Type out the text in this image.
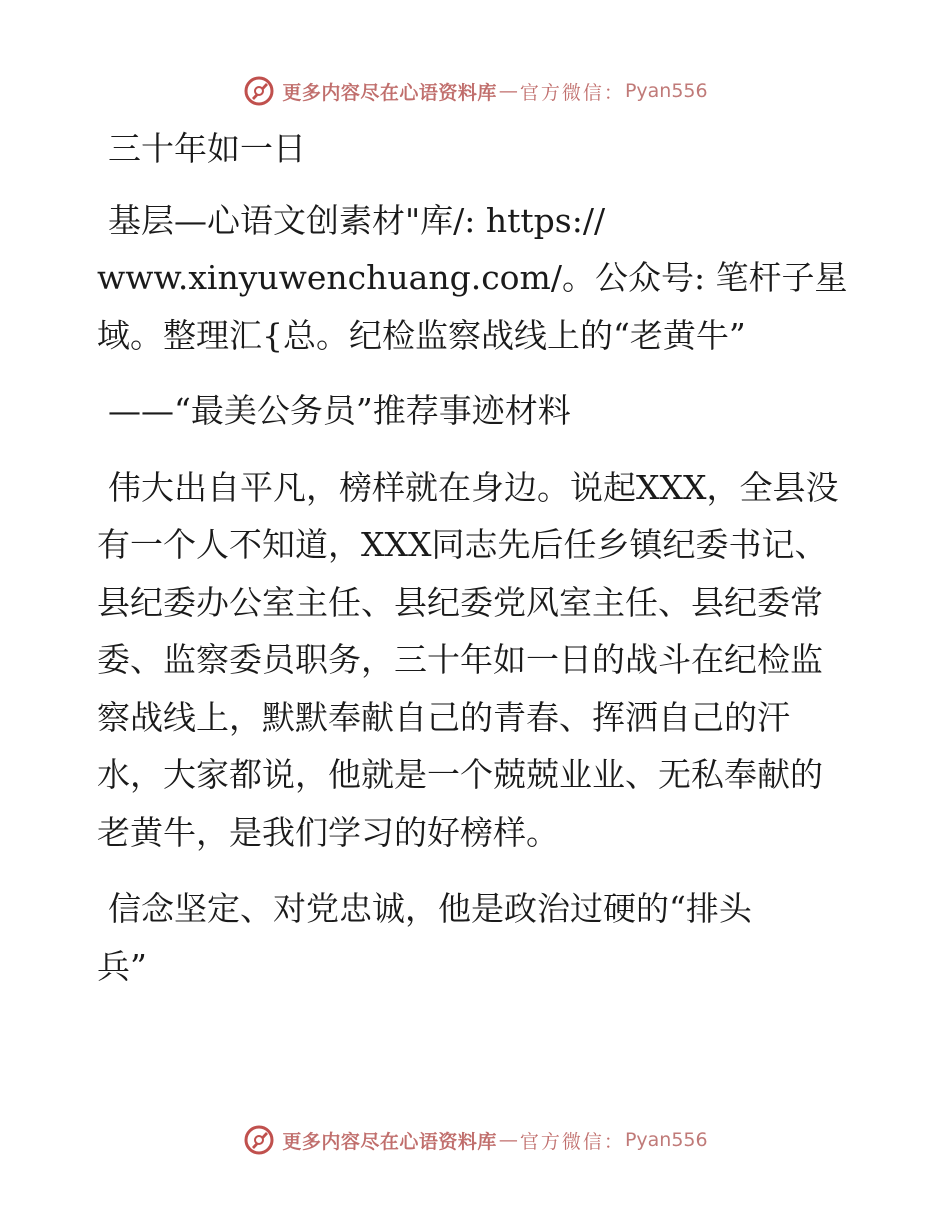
更多内容尽在心语资料库 — 官方微信： Pyan556

三十年如一日

基层—心语文创素材"库/: https://

www.xinyuwenchuang.com/。公众号: 笔杆子星

域。整理汇{总。纪检监察战线上的“老黄牛”

——“最美公务员”推荐事迹材料

伟大出自平凡，榜样就在身边。说起XXX，全县没

有一个人不知道，XXX同志先后任乡镇纪委书记、

县纪委办公室主任、县纪委党风室主任、县纪委常

委、监察委员职务，三十年如一日的战斗在纪检监

察战线上，默默奉献自己的青春、挥洒自己的汗

水，大家都说，他就是一个兢兢业业、无私奉献的

老黄牛，是我们学习的好榜样。

信念坚定、对党忠诚，他是政治过硬的“排头

兵”

更多内容尽在心语资料库 — 官方微信： Pyan556
